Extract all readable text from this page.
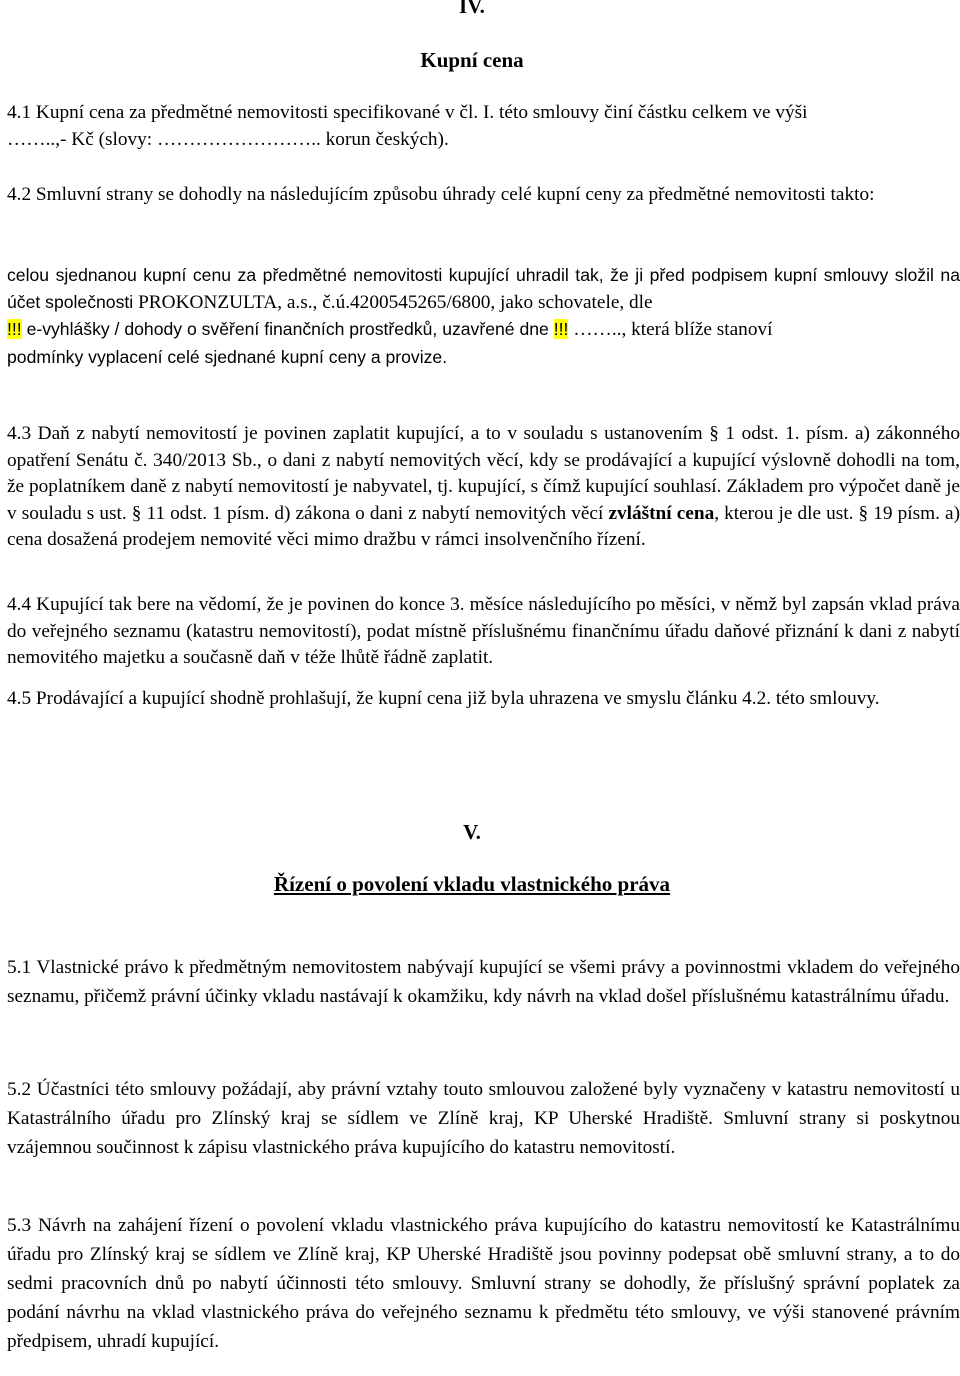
IV.
Kupní cena

4.1 Kupní cena za předmětné nemovitosti specifikované v čl. I. této smlouvy činí částku celkem ve výši

……..,- Kč (slovy: …………………….. korun českých).

4.2 Smluvní strany se dohodly na následujícím způsobu úhrady celé kupní ceny za předmětné nemovitosti takto:

celou sjednanou kupní cenu za předmětné nemovitosti kupující uhradil tak, že ji před podpisem kupní smlouvy složil na účet společnosti PROKONZULTA, a.s., č.ú.4200545265/6800, jako schovatele, dle

!!! e-vyhlášky / dohody o svěření finančních prostředků, uzavřené dne !!! …….., která blíže stanoví

podmínky vyplacení celé sjednané kupní ceny a provize.

4.3 Daň z nabytí nemovitostí je povinen zaplatit kupující, a to v souladu s ustanovením § 1 odst. 1. písm. a) zákonného opatření Senátu č. 340/2013 Sb., o dani z nabytí nemovitých věcí, kdy se prodávající a kupující výslovně dohodli na tom, že poplatníkem daně z nabytí nemovitostí je nabyvatel, tj. kupující, s čímž kupující souhlasí. Základem pro výpočet daně je v souladu s ust. § 11 odst. 1 písm. d) zákona o dani z nabytí nemovitých věcí zvláštní cena, kterou je dle ust. § 19 písm. a) cena dosažená prodejem nemovité věci mimo dražbu v rámci insolvenčního řízení.

4.4 Kupující tak bere na vědomí, že je povinen do konce 3. měsíce následujícího po měsíci, v němž byl zapsán vklad práva do veřejného seznamu (katastru nemovitostí), podat místně příslušnému finančnímu úřadu daňové přiznání k dani z nabytí nemovitého majetku a současně daň v téže lhůtě řádně zaplatit.

4.5 Prodávající a kupující shodně prohlašují, že kupní cena již byla uhrazena ve smyslu článku 4.2. této smlouvy.

V.
Řízení o povolení vkladu vlastnického práva

5.1 Vlastnické právo k předmětným nemovitostem nabývají kupující se všemi právy a povinnostmi vkladem do veřejného seznamu, přičemž právní účinky vkladu nastávají k okamžiku, kdy návrh na vklad došel příslušnému katastrálnímu úřadu.

5.2 Účastníci této smlouvy požádají, aby právní vztahy touto smlouvou založené byly vyznačeny v katastru nemovitostí u Katastrálního úřadu pro Zlínský kraj se sídlem ve Zlíně kraj, KP Uherské Hradiště. Smluvní strany si poskytnou vzájemnou součinnost k zápisu vlastnického práva kupujícího do katastru nemovitostí.

5.3 Návrh na zahájení řízení o povolení vkladu vlastnického práva kupujícího do katastru nemovitostí ke Katastrálnímu úřadu pro Zlínský kraj se sídlem ve Zlíně kraj, KP Uherské Hradiště jsou povinny podepsat obě smluvní strany, a to do sedmi pracovních dnů po nabytí účinnosti této smlouvy. Smluvní strany se dohodly, že příslušný správní poplatek za podání návrhu na vklad vlastnického práva do veřejného seznamu k předmětu této smlouvy, ve výši stanovené právním předpisem, uhradí kupující.
